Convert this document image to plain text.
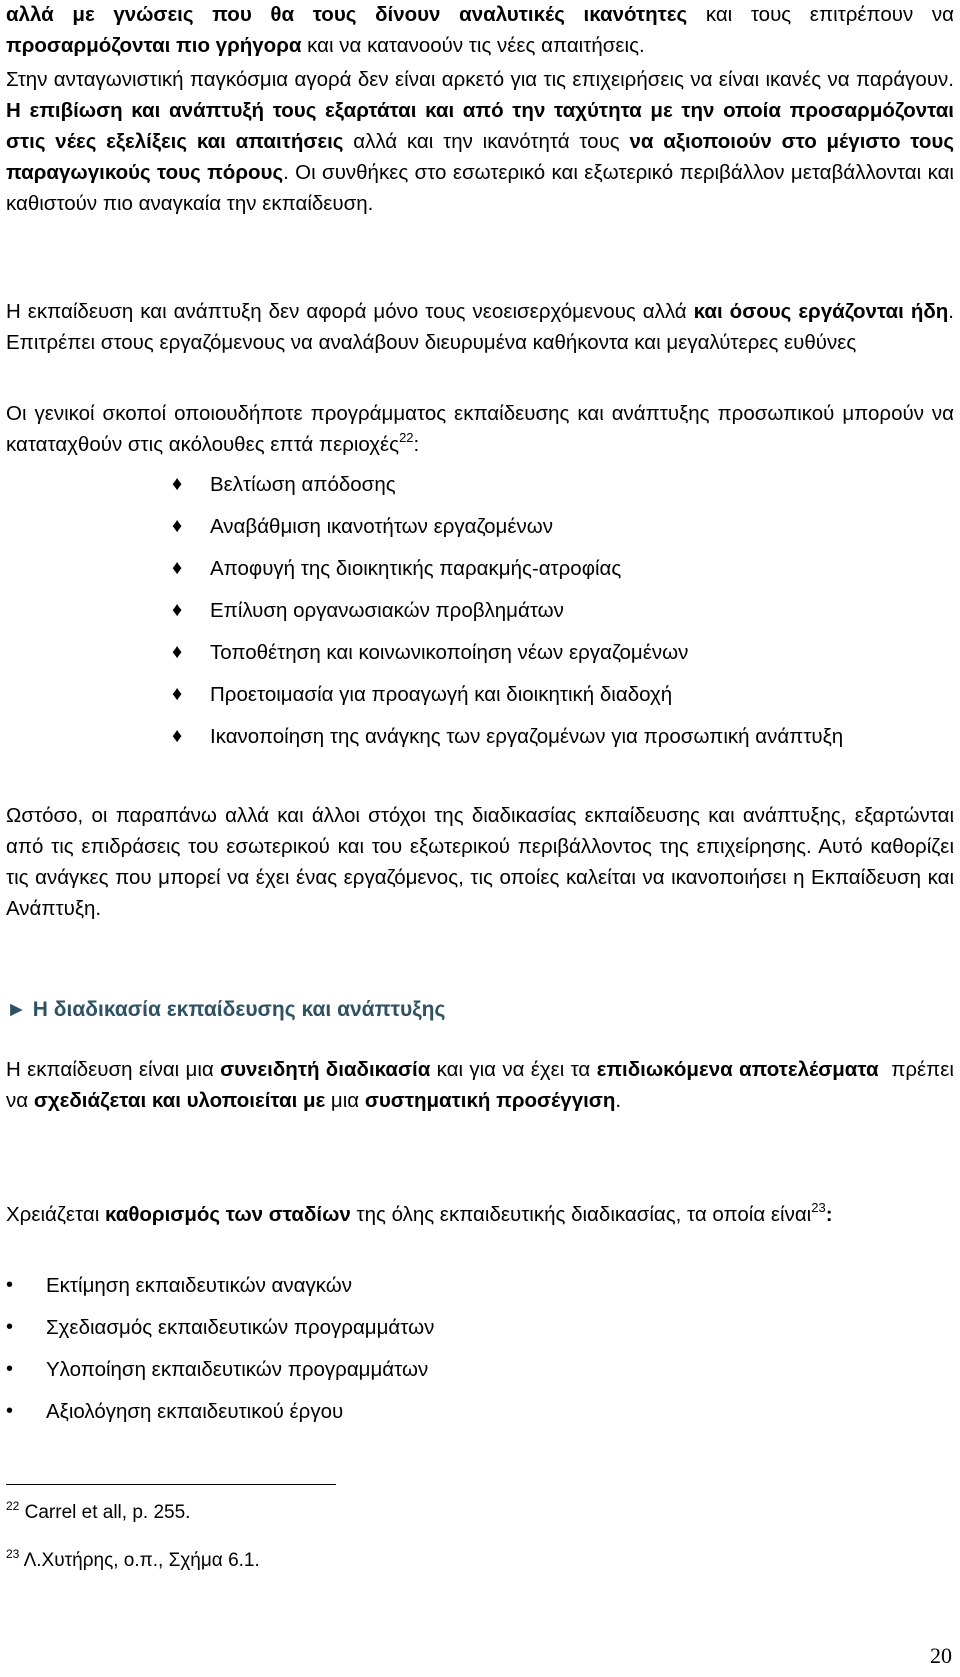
αλλά με γνώσεις που θα τους δίνουν αναλυτικές ικανότητες και τους επιτρέπουν να προσαρμόζονται πιο γρήγορα και να κατανοούν τις νέες απαιτήσεις.

Στην ανταγωνιστική παγκόσμια αγορά δεν είναι αρκετό για τις επιχειρήσεις να είναι ικανές να παράγουν. Η επιβίωση και ανάπτυξή τους εξαρτάται και από την ταχύτητα με την οποία προσαρμόζονται στις νέες εξελίξεις και απαιτήσεις αλλά και την ικανότητά τους να αξιοποιούν στο μέγιστο τους παραγωγικούς τους πόρους. Οι συνθήκες στο εσωτερικό και εξωτερικό περιβάλλον μεταβάλλονται και καθιστούν πιο αναγκαία την εκπαίδευση.

Η εκπαίδευση και ανάπτυξη δεν αφορά μόνο τους νεοεισερχόμενους αλλά και όσους εργάζονται ήδη. Επιτρέπει στους εργαζόμενους να αναλάβουν διευρυμένα καθήκοντα και μεγαλύτερες ευθύνες

Οι γενικοί σκοποί οποιουδήποτε προγράμματος εκπαίδευσης και ανάπτυξης προσωπικού μπορούν να καταταχθούν στις ακόλουθες επτά περιοχές$^{22}$:

♦ Βελτίωση απόδοσης
♦ Αναβάθμιση ικανοτήτων εργαζομένων
♦ Αποφυγή της διοικητικής παρακμής-ατροφίας
♦ Επίλυση οργανωσιακών προβλημάτων
♦ Τοποθέτηση και κοινωνικοποίηση νέων εργαζομένων
♦ Προετοιμασία για προαγωγή και διοικητική διαδοχή
♦ Ικανοποίηση της ανάγκης των εργαζομένων για προσωπική ανάπτυξη

Ωστόσο, οι παραπάνω αλλά και άλλοι στόχοι της διαδικασίας εκπαίδευσης και ανάπτυξης, εξαρτώνται από τις επιδράσεις του εσωτερικού και του εξωτερικού περιβάλλοντος της επιχείρησης. Αυτό καθορίζει τις ανάγκες που μπορεί να έχει ένας εργαζόμενος, τις οποίες καλείται να ικανοποιήσει η Εκπαίδευση και Ανάπτυξη.

► Η διαδικασία εκπαίδευσης και ανάπτυξης

Η εκπαίδευση είναι μια συνειδητή διαδικασία και για να έχει τα επιδιωκόμενα αποτελέσματα  πρέπει να σχεδιάζεται και υλοποιείται με μια συστηματική προσέγγιση.

Χρειάζεται καθορισμός των σταδίων της όλης εκπαιδευτικής διαδικασίας, τα οποία είναι$^{23}$:

• Εκτίμηση εκπαιδευτικών αναγκών
• Σχεδιασμός εκπαιδευτικών προγραμμάτων
• Υλοποίηση εκπαιδευτικών προγραμμάτων
• Αξιολόγηση εκπαιδευτικού έργου
$^{22}$ Carrel et all, p. 255.
$^{23}$ Λ.Χυτήρης, ο.π., Σχήμα 6.1.
20
